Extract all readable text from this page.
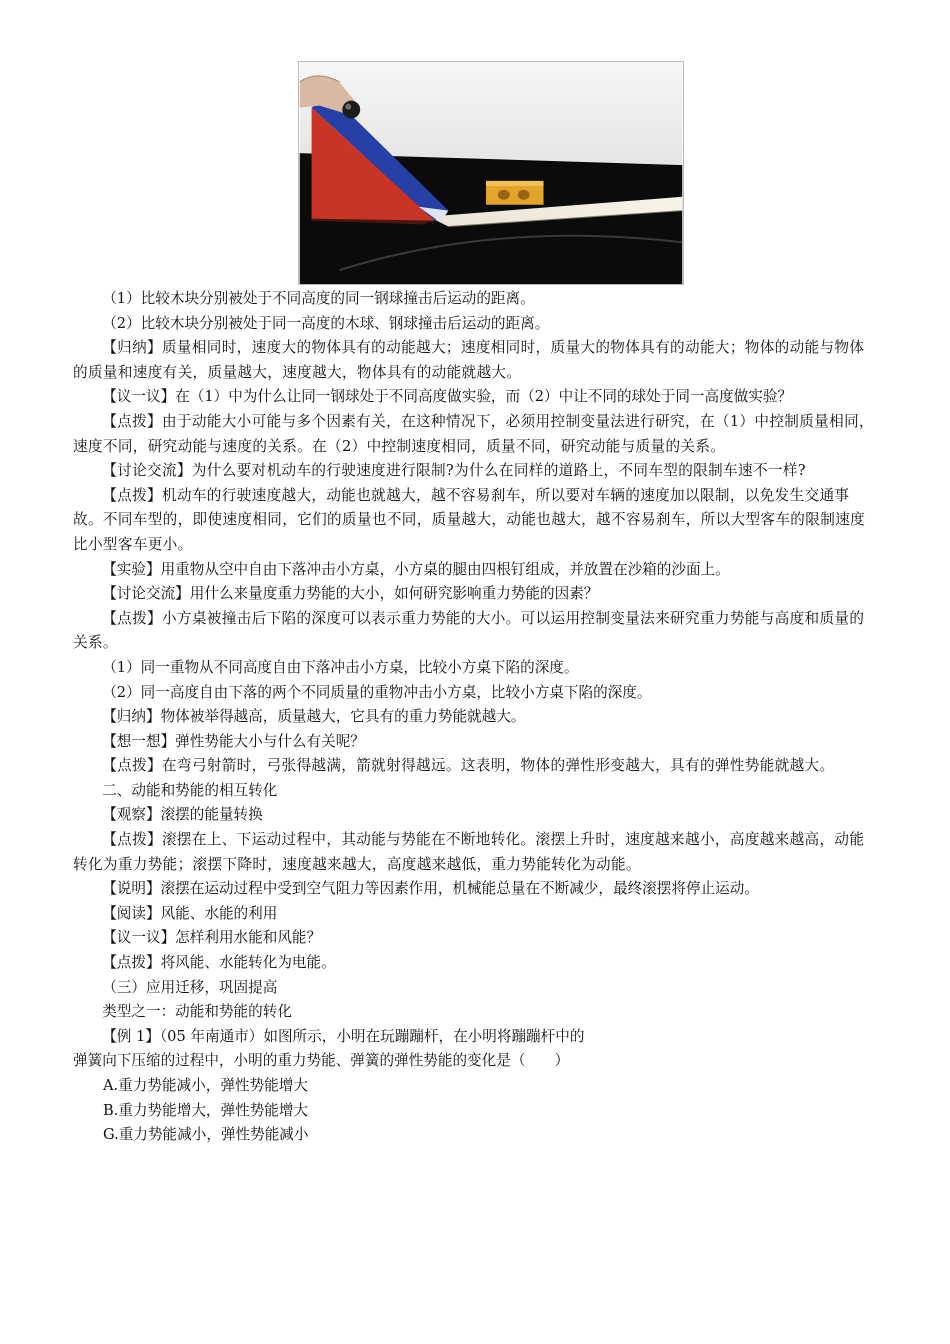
（1）比较木块分别被处于不同高度的同一钢球撞击后运动的距离。

（2）比较木块分别被处于同一高度的木球、钢球撞击后运动的距离。

【归纳】质量相同时，速度大的物体具有的动能越大；速度相同时，质量大的物体具有的动能大；物体的动能与物体的质量和速度有关，质量越大，速度越大，物体具有的动能就越大。

【议一议】在（1）中为什么让同一钢球处于不同高度做实验，而（2）中让不同的球处于同一高度做实验？

【点拨】由于动能大小可能与多个因素有关，在这种情况下，必须用控制变量法进行研究，在（1）中控制质量相同，速度不同，研究动能与速度的关系。在（2）中控制速度相同，质量不同，研究动能与质量的关系。

【讨论交流】为什么要对机动车的行驶速度进行限制?为什么在同样的道路上，不同车型的限制车速不一样?

【点拨】机动车的行驶速度越大，动能也就越大，越不容易刹车，所以要对车辆的速度加以限制，以免发生交通事故。不同车型的，即使速度相同，它们的质量也不同，质量越大，动能也越大，越不容易刹车，所以大型客车的限制速度比小型客车更小。

【实验】用重物从空中自由下落冲击小方桌，小方桌的腿由四根钉组成，并放置在沙箱的沙面上。

【讨论交流】用什么来量度重力势能的大小，如何研究影响重力势能的因素？

【点拨】小方桌被撞击后下陷的深度可以表示重力势能的大小。可以运用控制变量法来研究重力势能与高度和质量的关系。

（1）同一重物从不同高度自由下落冲击小方桌，比较小方桌下陷的深度。

（2）同一高度自由下落的两个不同质量的重物冲击小方桌，比较小方桌下陷的深度。

【归纳】物体被举得越高，质量越大，它具有的重力势能就越大。

【想一想】弹性势能大小与什么有关呢？

【点拨】在弯弓射箭时，弓张得越满，箭就射得越远。这表明，物体的弹性形变越大，具有的弹性势能就越大。

二、动能和势能的相互转化

【观察】滚摆的能量转换

【点拨】滚摆在上、下运动过程中，其动能与势能在不断地转化。滚摆上升时，速度越来越小，高度越来越高，动能转化为重力势能；滚摆下降时，速度越来越大，高度越来越低，重力势能转化为动能。

【说明】滚摆在运动过程中受到空气阻力等因素作用，机械能总量在不断减少，最终滚摆将停止运动。

【阅读】风能、水能的利用

【议一议】怎样利用水能和风能？

【点拨】将风能、水能转化为电能。

（三）应用迁移，巩固提高

类型之一：动能和势能的转化

【例 1】（05 年南通市）如图所示，小明在玩蹦蹦杆，在小明将蹦蹦杆中的

弹簧向下压缩的过程中，小明的重力势能、弹簧的弹性势能的变化是（　　）

A.重力势能减小，弹性势能增大

B.重力势能增大，弹性势能增大

G.重力势能减小，弹性势能减小
